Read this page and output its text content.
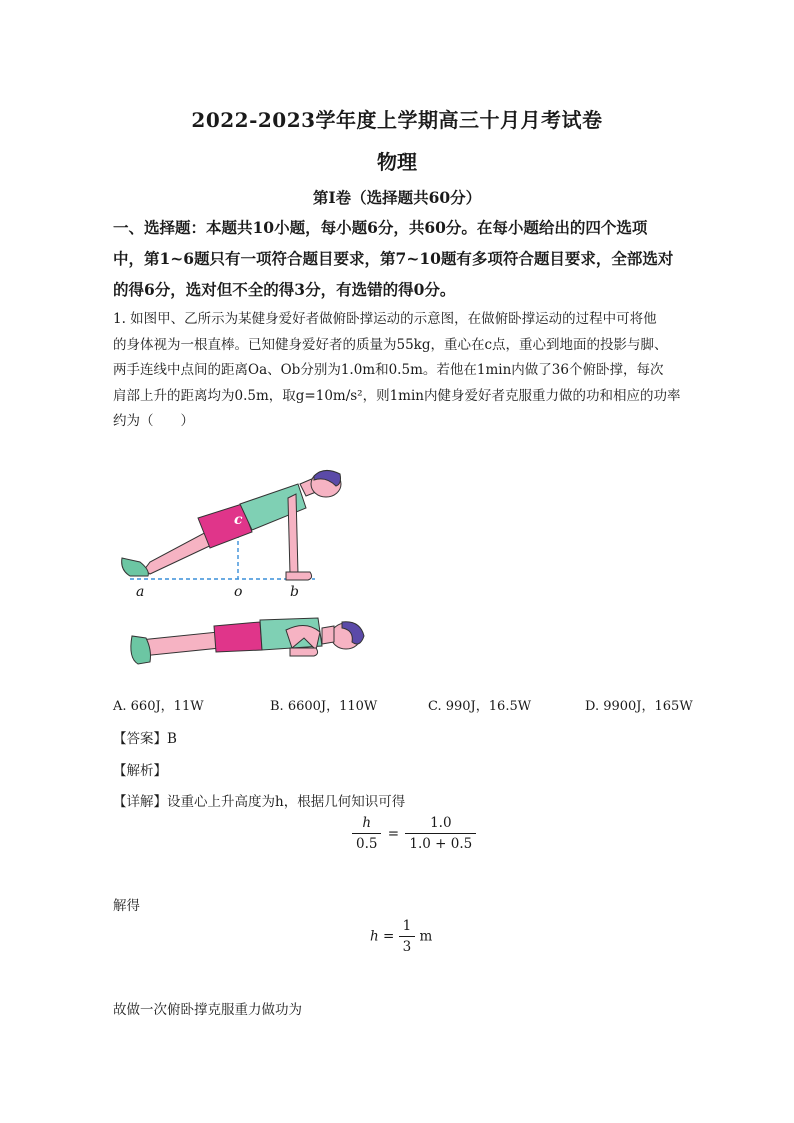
2022-2023学年度上学期高三十月月考试卷
物理
第Ⅰ卷（选择题共60分）
一、选择题：本题共10小题，每小题6分，共60分。在每小题给出的四个选项
中，第1~6题只有一项符合题目要求，第7~10题有多项符合题目要求，全部选对
的得6分，选对但不全的得3分，有选错的得0分。
1. 如图甲、乙所示为某健身爱好者做俯卧撑运动的示意图，在做俯卧撑运动的过程中可将他
的身体视为一根直棒。已知健身爱好者的质量为55kg，重心在c点，重心到地面的投影与脚、
两手连线中点间的距离Oa、Ob分别为1.0m和0.5m。若他在1min内做了36个俯卧撑，每次
肩部上升的距离均为0.5m，取g=10m/s²，则1min内健身爱好者克服重力做的功和相应的功率
约为（　　）
c
a	o	b
A. 660J，11W	B. 6600J，110W	C. 990J，16.5W	D. 9900J，165W
【答案】B
【解析】
【详解】设重心上升高度为h，根据几何知识可得
$\frac{h}{0.5} = \frac{1.0}{1.0 + 0.5}$
解得
$h = \frac{1}{3}$ m
故做一次俯卧撑克服重力做功为
